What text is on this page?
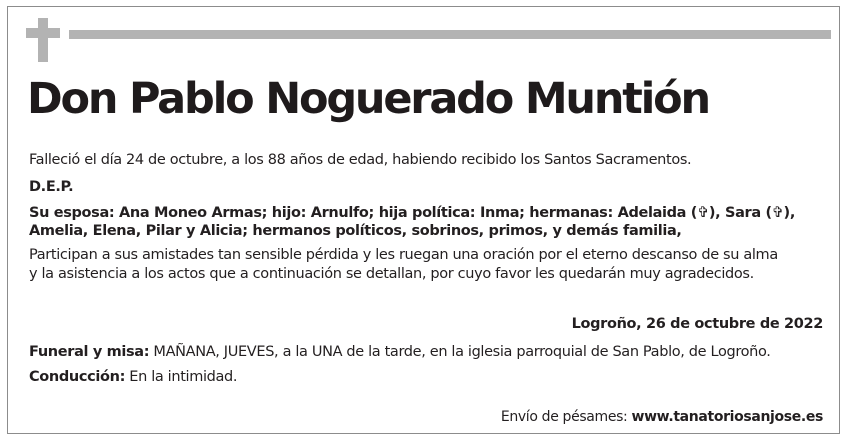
Don Pablo Noguerado Muntión
Falleció el día 24 de octubre, a los 88 años de edad, habiendo recibido los Santos Sacramentos.
D.E.P.
Su esposa: Ana Moneo Armas; hijo: Arnulfo; hija política: Inma; hermanas: Adelaida (✞), Sara (✞),
Amelia, Elena, Pilar y Alicia; hermanos políticos, sobrinos, primos, y demás familia,
Participan a sus amistades tan sensible pérdida y les ruegan una oración por el eterno descanso de su alma
y la asistencia a los actos que a continuación se detallan, por cuyo favor les quedarán muy agradecidos.
Logroño, 26 de octubre de 2022
Funeral y misa: MAÑANA, JUEVES, a la UNA de la tarde, en la iglesia parroquial de San Pablo, de Logroño.
Conducción: En la intimidad.
Envío de pésames: www.tanatoriosanjose.es
